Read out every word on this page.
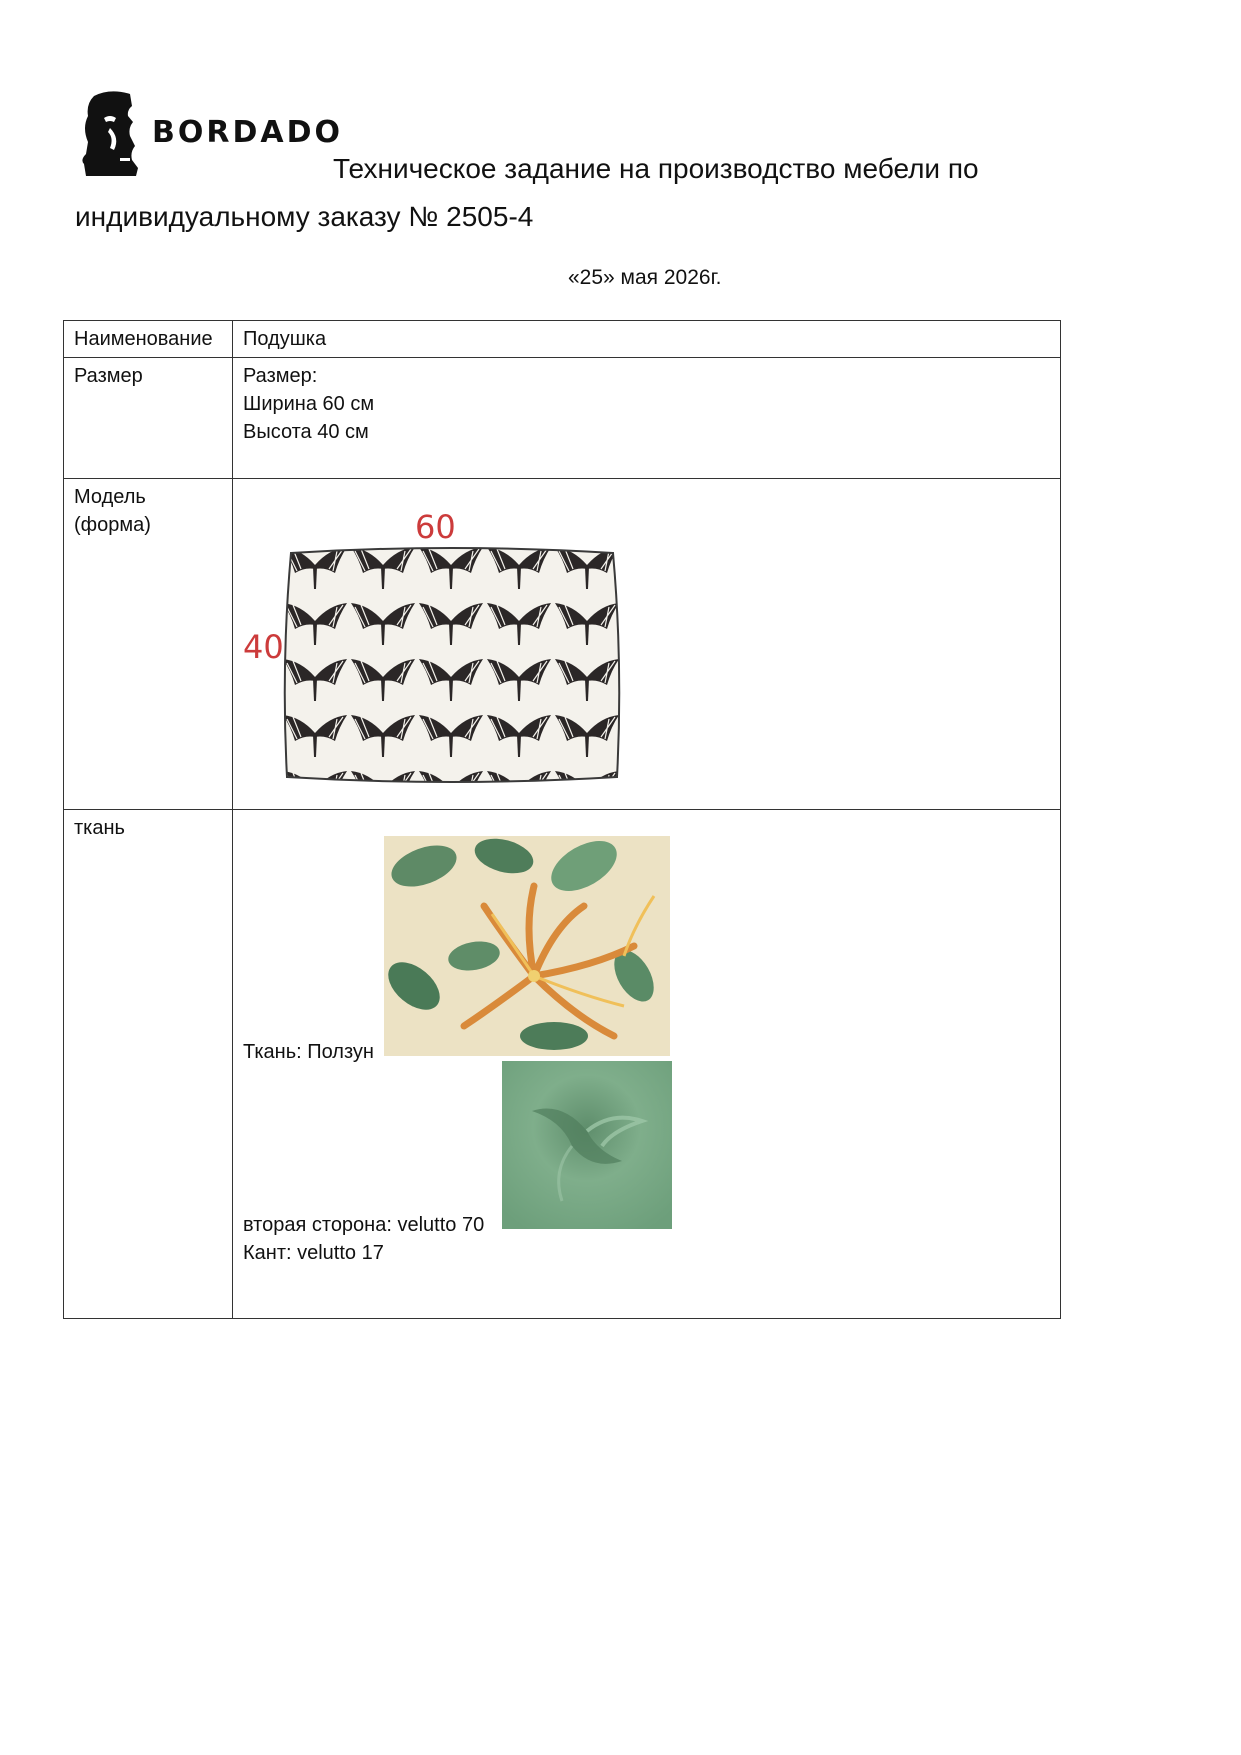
BORDADO
Техническое задание на производство мебели по
индивидуальному заказу № 2505-4
«25» мая 2026г.
Наименование	Подушка
Размер	Размер:
Ширина 60 см
Высота 40 см

Модель (форма)	60
40

ткань	Ткань: Ползун
вторая сторона: velutto 70
Кант: velutto 17
